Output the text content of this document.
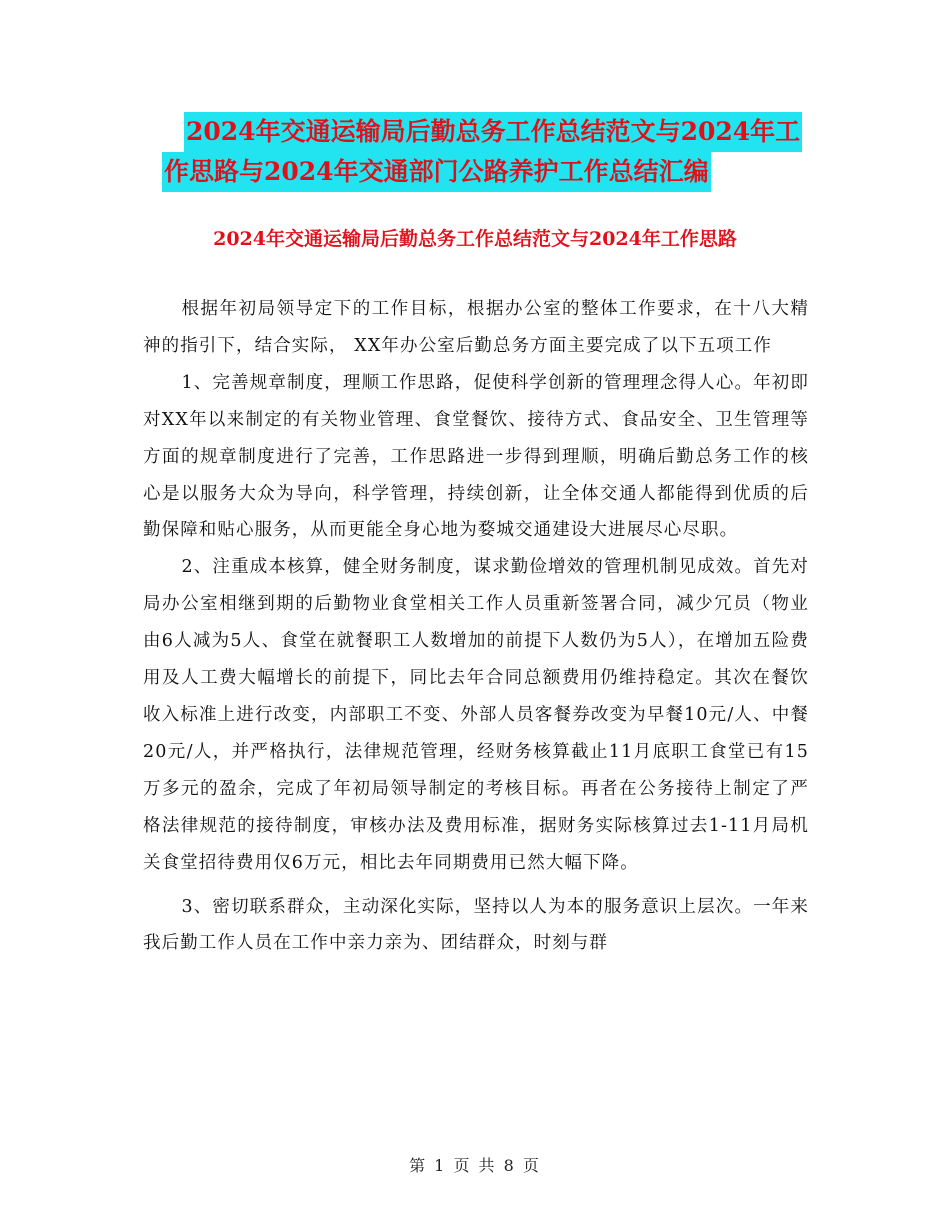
2024年交通运输局后勤总务工作总结范文与2024年工
作思路与2024年交通部门公路养护工作总结汇编
2024年交通运输局后勤总务工作总结范文与2024年工作思路

根据年初局领导定下的工作目标，根据办公室的整体工作要求，在十八大精神的指引下，结合实际， XX年办公室后勤总务方面主要完成了以下五项工作

1、完善规章制度，理顺工作思路，促使科学创新的管理理念得人心。年初即对XX年以来制定的有关物业管理、食堂餐饮、接待方式、食品安全、卫生管理等方面的规章制度进行了完善，工作思路进一步得到理顺，明确后勤总务工作的核心是以服务大众为导向，科学管理，持续创新，让全体交通人都能得到优质的后勤保障和贴心服务，从而更能全身心地为婺城交通建设大进展尽心尽职。

2、注重成本核算，健全财务制度，谋求勤俭增效的管理机制见成效。首先对局办公室相继到期的后勤物业食堂相关工作人员重新签署合同，减少冗员（物业由6人减为5人、食堂在就餐职工人数增加的前提下人数仍为5人），在增加五险费用及人工费大幅增长的前提下，同比去年合同总额费用仍维持稳定。其次在餐饮收入标准上进行改变，内部职工不变、外部人员客餐券改变为早餐10元/人、中餐20元/人，并严格执行，法律规范管理，经财务核算截止11月底职工食堂已有15万多元的盈余，完成了年初局领导制定的考核目标。再者在公务接待上制定了严格法律规范的接待制度，审核办法及费用标准，据财务实际核算过去1-11月局机关食堂招待费用仅6万元，相比去年同期费用已然大幅下降。

3、密切联系群众，主动深化实际，坚持以人为本的服务意识上层次。一年来我后勤工作人员在工作中亲力亲为、团结群众，时刻与群

第 1 页 共 8 页
